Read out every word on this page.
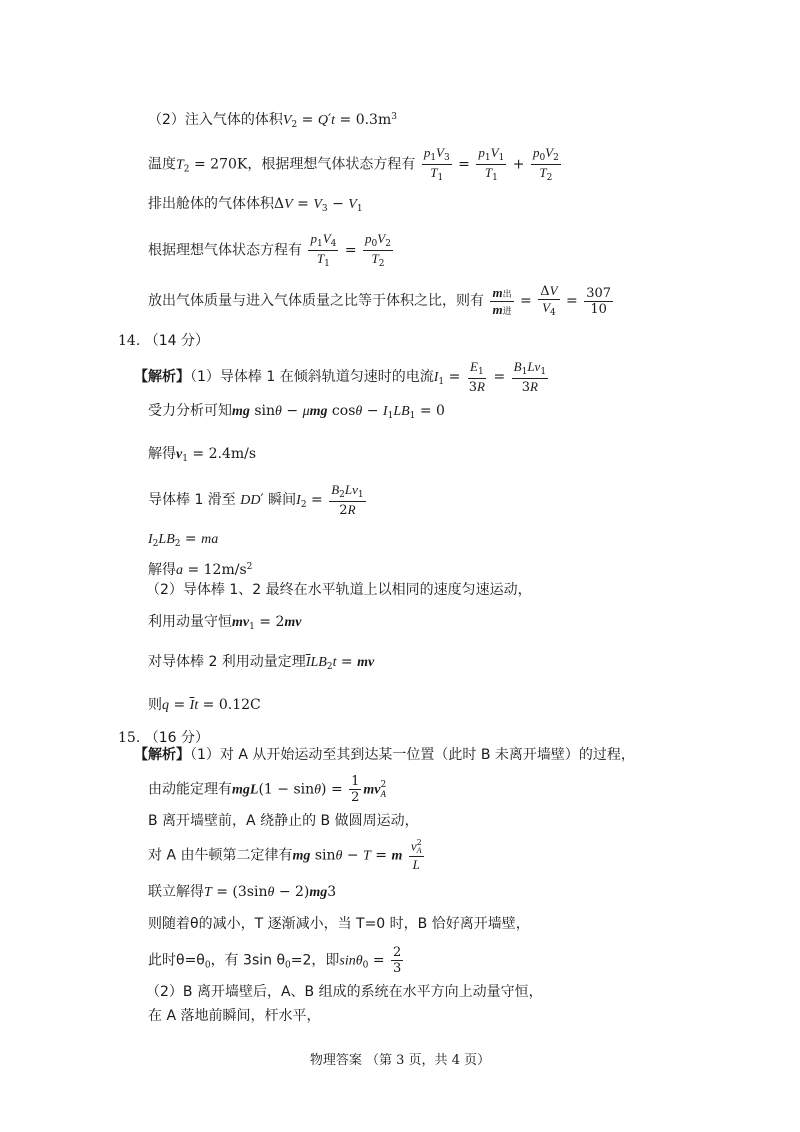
（2）注入气体的体积$V_2 = Q't = 0.3m^3$
温度$T_2 = 270K$，根据理想气体状态方程有 $\frac{p_1V_3}{T_1} = \frac{p_1V_1}{T_1} + \frac{p_0V_2}{T_2}$
排出舱体的气体体积$\Delta V = V_3 - V_1$
根据理想气体状态方程有 $\frac{p_1V_4}{T_1} = \frac{p_0V_2}{T_2}$
放出气体质量与进入气体质量之比等于体积之比，则有 $\frac{\text{m出}}{\text{m进}} = \frac{\Delta V}{V_4} = \frac{307}{10}$
14. （14 分）
【解析】（1）导体棒 1 在倾斜轨道匀速时的电流$I_1 = \frac{E_1}{3R} = \frac{B_1Lv_1}{3R}$
受力分析可知mg sinθ − μmg $\cos\theta - I_1LB_1 = 0$
解得$v_1 = 2.4m/s$
导体棒 1 滑至 DD′ 瞬间$I_2 = \frac{B_2Lv_1}{2R}$
$I_2LB_2$ = ma
解得$a = 12m/s^2$
（2）导体棒 1、2 最终在水平轨道上以相同的速度匀速运动，
利用动量守恒$mv_1 = 2mv$
对导体棒 2 利用动量定理$\overline{I}LB_2t$ = mv
则$q = \overline{I}t = 0.12C$
15. （16 分）
【解析】（1）对 A 从开始运动至其到达某一位置（此时 B 未离开墙壁）的过程，
由动能定理有$mgL(1 - \sin\theta) = \frac{1}{2}$ mv 2
A
B 离开墙壁前，A 绕静止的 B 做圆周运动，
对 A 由牛顿第二定律有mg sinθ − T = m v 2
A
L
联立解得T = (3sinθ − 2)mg3
则随着θ的减小，T 逐渐减小，当 T=0 时，B 恰好离开墙壁，
此时$\theta=\theta_0$，有 3sin $\theta_0=2$，即$\sin\theta_0 = \frac{2}{3}$
（2）B 离开墙壁后，A、B 组成的系统在水平方向上动量守恒，
在 A 落地前瞬间，杆水平，
物理答案 （第 3 页，共 4 页）
